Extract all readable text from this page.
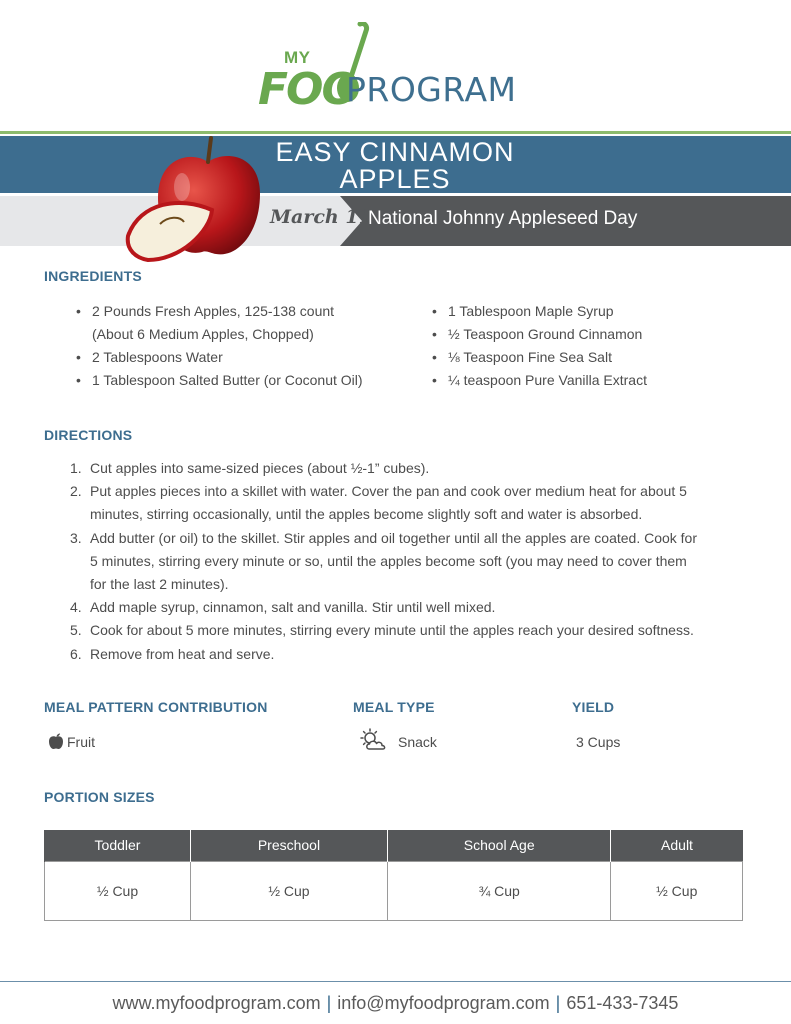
MY
FOO
PROGRAM
EASY CINNAMON
APPLES
March 11
National Johnny Appleseed Day
INGREDIENTS
• 2 Pounds Fresh Apples, 125-138 count
(About 6 Medium Apples, Chopped)
• 2 Tablespoons Water
• 1 Tablespoon Salted Butter (or Coconut Oil)
• 1 Tablespoon Maple Syrup
• ½ Teaspoon Ground Cinnamon
• ⅛ Teaspoon Fine Sea Salt
• ¼ teaspoon Pure Vanilla Extract
DIRECTIONS
1. Cut apples into same-sized pieces (about ½-1” cubes).
2. Put apples pieces into a skillet with water. Cover the pan and cook over medium heat for about 5
minutes, stirring occasionally, until the apples become slightly soft and water is absorbed.
3. Add butter (or oil) to the skillet. Stir apples and oil together until all the apples are coated. Cook for
5 minutes, stirring every minute or so, until the apples become soft (you may need to cover them
for the last 2 minutes).
4. Add maple syrup, cinnamon, salt and vanilla. Stir until well mixed.
5. Cook for about 5 more minutes, stirring every minute until the apples reach your desired softness.
6. Remove from heat and serve.
MEAL PATTERN CONTRIBUTION	MEAL TYPE	YIELD
Fruit	Snack	3 Cups
PORTION SIZES
Toddler	Preschool	School Age	Adult
½ Cup	½ Cup	¾ Cup	½ Cup
www.myfoodprogram.com | info@myfoodprogram.com | 651-433-7345
